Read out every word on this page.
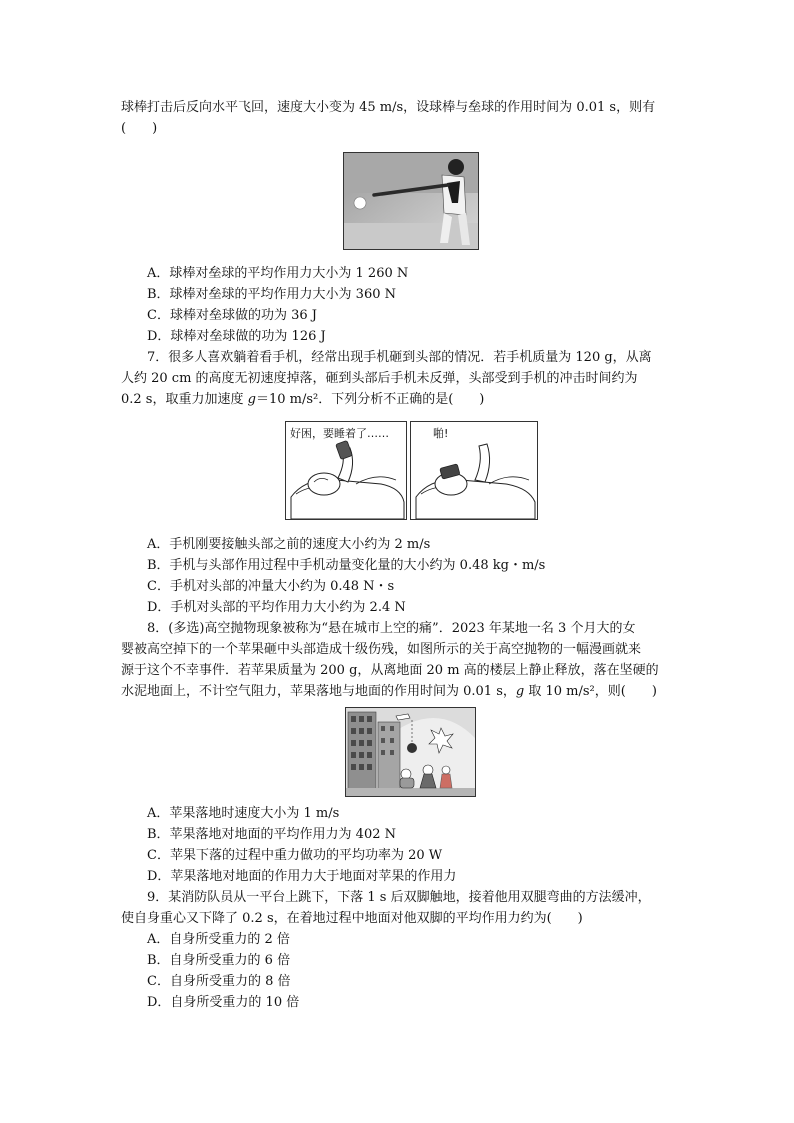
球棒打击后反向水平飞回，速度大小变为 45 m/s，设球棒与垒球的作用时间为 0.01 s，则有
(　　)
A．球棒对垒球的平均作用力大小为 1 260 N
B．球棒对垒球的平均作用力大小为 360 N
C．球棒对垒球做的功为 36 J
D．球棒对垒球做的功为 126 J
7．很多人喜欢躺着看手机，经常出现手机砸到头部的情况．若手机质量为 120 g，从离
人约 20 cm 的高度无初速度掉落，砸到头部后手机未反弹，头部受到手机的冲击时间约为
0.2 s，取重力加速度 g＝10 m/s²．下列分析不正确的是(　　)
好困，要睡着了……	啪!
A．手机刚要接触头部之前的速度大小约为 2 m/s
B．手机与头部作用过程中手机动量变化量的大小约为 0.48 kg・m/s
C．手机对头部的冲量大小约为 0.48 N・s
D．手机对头部的平均作用力大小约为 2.4 N
8．(多选)高空抛物现象被称为“悬在城市上空的痛”．2023 年某地一名 3 个月大的女
婴被高空掉下的一个苹果砸中头部造成十级伤残，如图所示的关于高空抛物的一幅漫画就来
源于这个不幸事件．若苹果质量为 200 g，从离地面 20 m 高的楼层上静止释放，落在坚硬的
水泥地面上，不计空气阻力，苹果落地与地面的作用时间为 0.01 s，g 取 10 m/s²，则(　　)
A．苹果落地时速度大小为 1 m/s
B．苹果落地对地面的平均作用力为 402 N
C．苹果下落的过程中重力做功的平均功率为 20 W
D．苹果落地对地面的作用力大于地面对苹果的作用力
9．某消防队员从一平台上跳下，下落 1 s 后双脚触地，接着他用双腿弯曲的方法缓冲，
使自身重心又下降了 0.2 s，在着地过程中地面对他双脚的平均作用力约为(　　)
A．自身所受重力的 2 倍
B．自身所受重力的 6 倍
C．自身所受重力的 8 倍
D．自身所受重力的 10 倍
